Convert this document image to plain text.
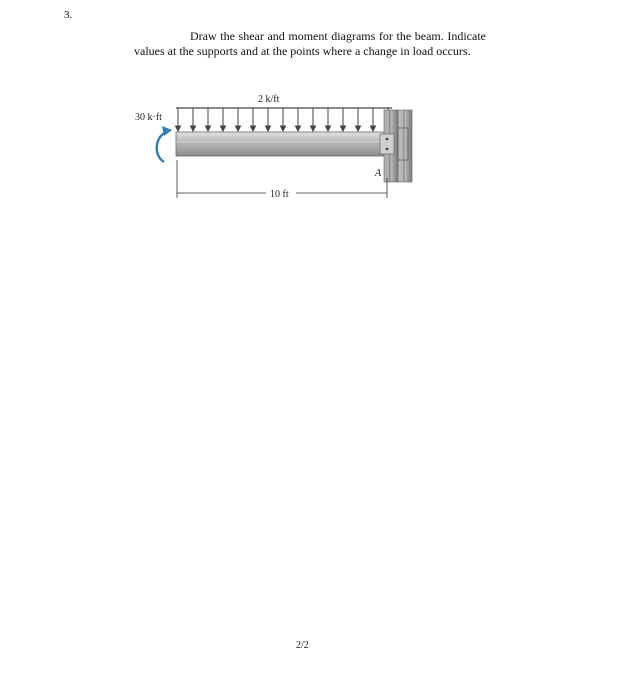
3.
Draw the shear and moment diagrams for the beam. Indicate values at the supports and at the points where a change in load occurs.
2 k/ft
A
30 k·ft
10 ft
2/2
